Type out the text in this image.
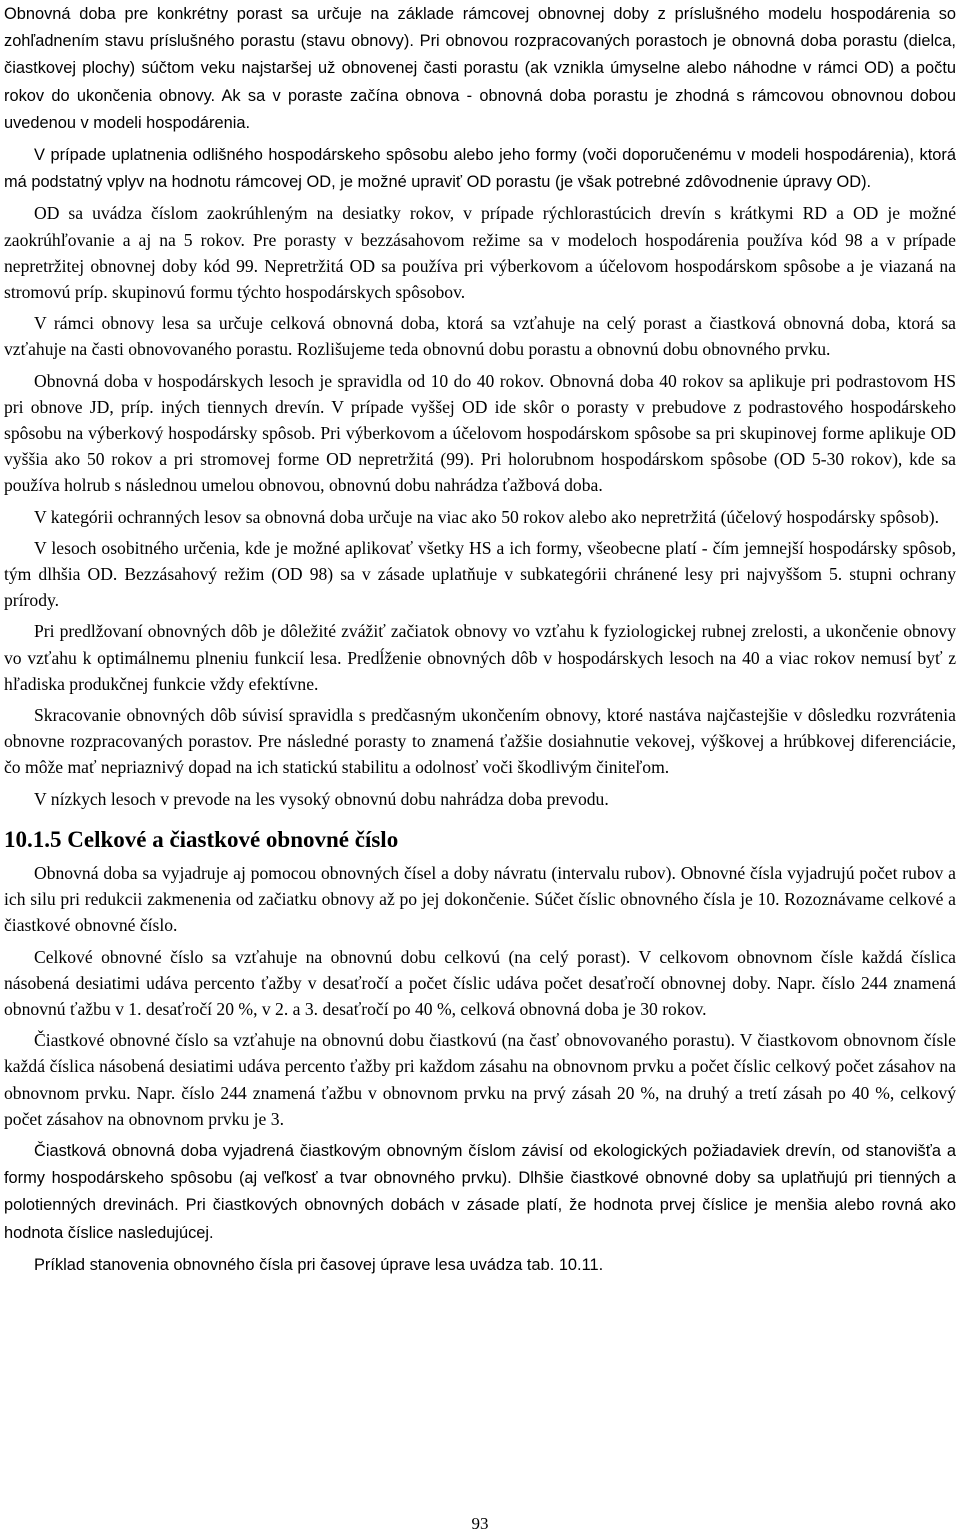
Obnovná doba pre konkrétny porast sa určuje na základe rámcovej obnovnej doby z príslušného modelu hospodárenia so zohľadnením stavu príslušného porastu (stavu obnovy). Pri obnovou rozpracovaných porastoch je obnovná doba porastu (dielca, čiastkovej plochy) súčtom veku najstaršej už obnovenej časti porastu (ak vznikla úmyselne alebo náhodne v rámci OD) a počtu rokov do ukončenia obnovy. Ak sa v poraste začína obnova - obnovná doba porastu je zhodná s rámcovou obnovnou dobou uvedenou v modeli hospodárenia.

V prípade uplatnenia odlišného hospodárskeho spôsobu alebo jeho formy (voči doporučenému v modeli hospodárenia), ktorá má podstatný vplyv na hodnotu rámcovej OD, je možné upraviť OD porastu (je však potrebné zdôvodnenie úpravy OD).

OD sa uvádza číslom zaokrúhleným na desiatky rokov, v prípade rýchlorastúcich drevín s krátkymi RD a OD je možné zaokrúhľovanie a aj na 5 rokov. Pre porasty v bezzásahovom režime sa v modeloch hospodárenia používa kód 98 a v prípade nepretržitej obnovnej doby kód 99. Nepretržitá OD sa používa pri výberkovom a účelovom hospodárskom spôsobe a je viazaná na stromovú príp. skupinovú formu týchto hospodárskych spôsobov.

V rámci obnovy lesa sa určuje celková obnovná doba, ktorá sa vzťahuje na celý porast a čiastková obnovná doba, ktorá sa vzťahuje na časti obnovovaného porastu. Rozlišujeme teda obnovnú dobu porastu a obnovnú dobu obnovného prvku.

Obnovná doba v hospodárskych lesoch je spravidla od 10 do 40 rokov. Obnovná doba 40 rokov sa aplikuje pri podrastovom HS pri obnove JD, príp. iných tiennych drevín. V prípade vyššej OD ide skôr o porasty v prebudove z podrastového hospodárskeho spôsobu na výberkový hospodársky spôsob. Pri výberkovom a účelovom hospodárskom spôsobe sa pri skupinovej forme aplikuje OD vyššia ako 50 rokov a pri stromovej forme OD nepretržitá (99). Pri holorubnom hospodárskom spôsobe (OD 5-30 rokov), kde sa používa holrub s následnou umelou obnovou, obnovnú dobu nahrádza ťažbová doba.

V kategórii ochranných lesov sa obnovná doba určuje na viac ako 50 rokov alebo ako nepretržitá (účelový hospodársky spôsob).

V lesoch osobitného určenia, kde je možné aplikovať všetky HS a ich formy, všeobecne platí - čím jemnejší hospodársky spôsob, tým dlhšia OD. Bezzásahový režim (OD 98) sa v zásade uplatňuje v subkategórii chránené lesy pri najvyššom 5. stupni ochrany prírody.

Pri predlžovaní obnovných dôb je dôležité zvážiť začiatok obnovy vo vzťahu k fyziologickej rubnej zrelosti, a ukončenie obnovy vo vzťahu k optimálnemu plneniu funkcií lesa. Predĺženie obnovných dôb v hospodárskych lesoch na 40 a viac rokov nemusí byť z hľadiska produkčnej funkcie vždy efektívne.

Skracovanie obnovných dôb súvisí spravidla s predčasným ukončením obnovy, ktoré nastáva najčastejšie v dôsledku rozvrátenia obnovne rozpracovaných porastov. Pre následné porasty to znamená ťažšie dosiahnutie vekovej, výškovej a hrúbkovej diferenciácie, čo môže mať nepriaznivý dopad na ich statickú stabilitu a odolnosť voči škodlivým činiteľom.

V nízkych lesoch v prevode na les vysoký obnovnú dobu nahrádza doba prevodu.

10.1.5 Celkové a čiastkové obnovné číslo

Obnovná doba sa vyjadruje aj pomocou obnovných čísel a doby návratu (intervalu rubov). Obnovné čísla vyjadrujú počet rubov a ich silu pri redukcii zakmenenia od začiatku obnovy až po jej dokončenie. Súčet čísliс obnovného čísla je 10. Rozoznávame celkové a čiastkové obnovné číslo.

Celkové obnovné číslo sa vzťahuje na obnovnú dobu celkovú (na celý porast). V celkovom obnovnom čísle každá číslica násobená desiatimi udáva percento ťažby v desaťročí a počet číslic udáva počet desaťročí obnovnej doby. Napr. číslo 244 znamená obnovnú ťažbu v 1. desaťročí 20 %, v 2. a 3. desaťročí po 40 %, celková obnovná doba je 30 rokov.

Čiastkové obnovné číslo sa vzťahuje na obnovnú dobu čiastkovú (na časť obnovovaného porastu). V čiastkovom obnovnom čísle každá číslica násobená desiatimi udáva percento ťažby pri každom zásahu na obnovnom prvku a počet číslic celkový počet zásahov na obnovnom prvku. Napr. číslo 244 znamená ťažbu v obnovnom prvku na prvý zásah 20 %, na druhý a tretí zásah po 40 %, celkový počet zásahov na obnovnom prvku je 3.

Čiastková obnovná doba vyjadrená čiastkovým obnovným číslom závisí od ekologických požiadaviek drevín, od stanovišťa a formy hospodárskeho spôsobu (aj veľkosť a tvar obnovného prvku). Dlhšie čiastkové obnovné doby sa uplatňujú pri tienných a polotienných drevinách. Pri čiastkových obnovných dobách v zásade platí, že hodnota prvej číslice je menšia alebo rovná ako hodnota číslice nasledujúcej.

Príklad stanovenia obnovného čísla pri časovej úprave lesa uvádza tab. 10.11.

93
